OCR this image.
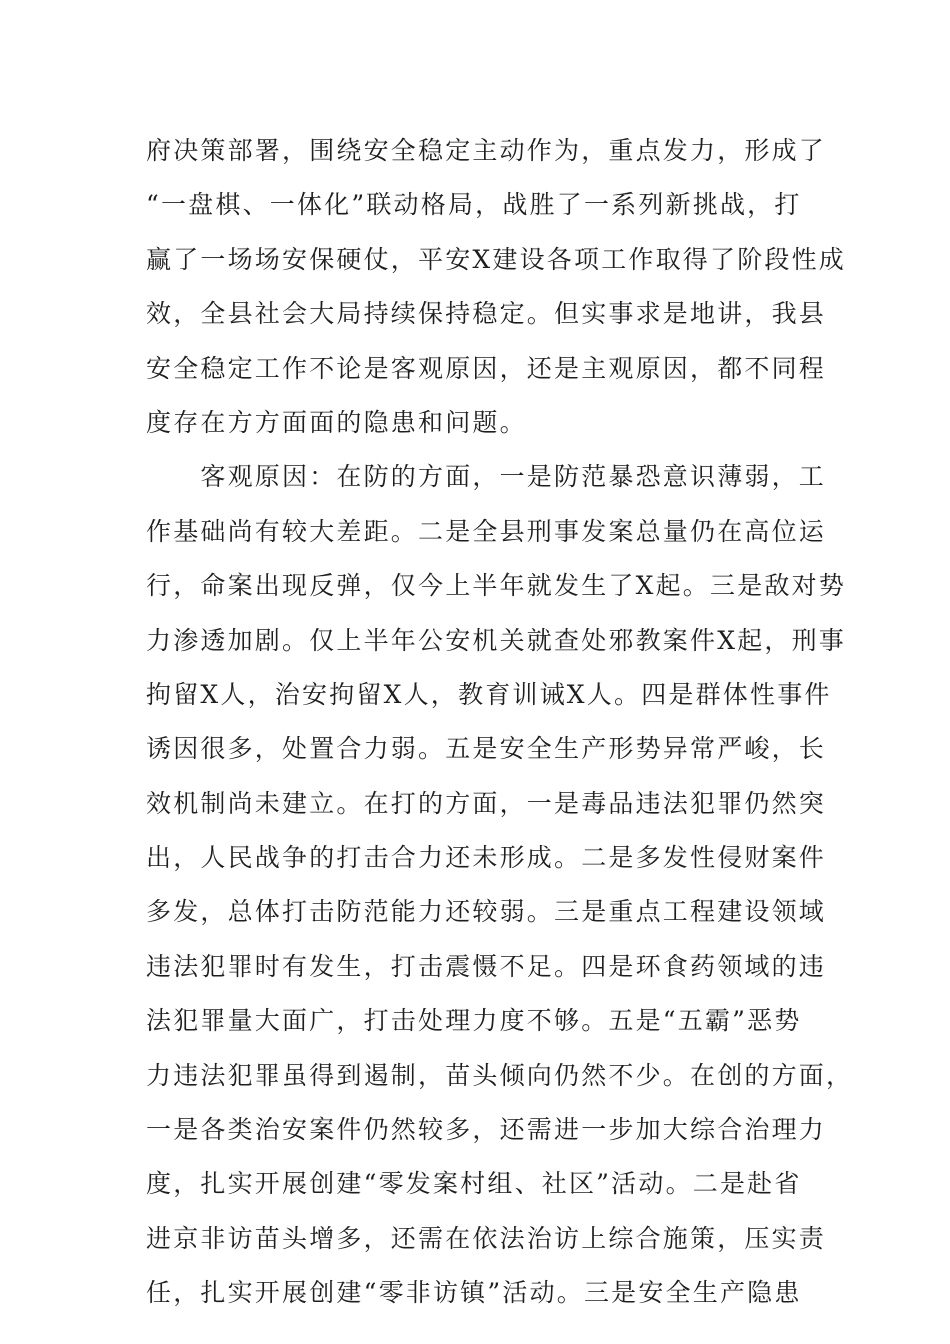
府决策部署，围绕安全稳定主动作为，重点发力，形成了
“一盘棋、一体化”联动格局，战胜了一系列新挑战，打
赢了一场场安保硬仗，平安X建设各项工作取得了阶段性成
效，全县社会大局持续保持稳定。但实事求是地讲，我县
安全稳定工作不论是客观原因，还是主观原因，都不同程
度存在方方面面的隐患和问题。
　　客观原因：在防的方面，一是防范暴恐意识薄弱，工
作基础尚有较大差距。二是全县刑事发案总量仍在高位运
行，命案出现反弹，仅今上半年就发生了X起。三是敌对势
力渗透加剧。仅上半年公安机关就查处邪教案件X起，刑事
拘留X人，治安拘留X人，教育训诫X人。四是群体性事件
诱因很多，处置合力弱。五是安全生产形势异常严峻，长
效机制尚未建立。在打的方面，一是毒品违法犯罪仍然突
出，人民战争的打击合力还未形成。二是多发性侵财案件
多发，总体打击防范能力还较弱。三是重点工程建设领域
违法犯罪时有发生，打击震慑不足。四是环食药领域的违
法犯罪量大面广，打击处理力度不够。五是“五霸”恶势
力违法犯罪虽得到遏制，苗头倾向仍然不少。在创的方面，
一是各类治安案件仍然较多，还需进一步加大综合治理力
度，扎实开展创建“零发案村组、社区”活动。二是赴省
进京非访苗头增多，还需在依法治访上综合施策，压实责
任，扎实开展创建“零非访镇”活动。三是安全生产隐患
